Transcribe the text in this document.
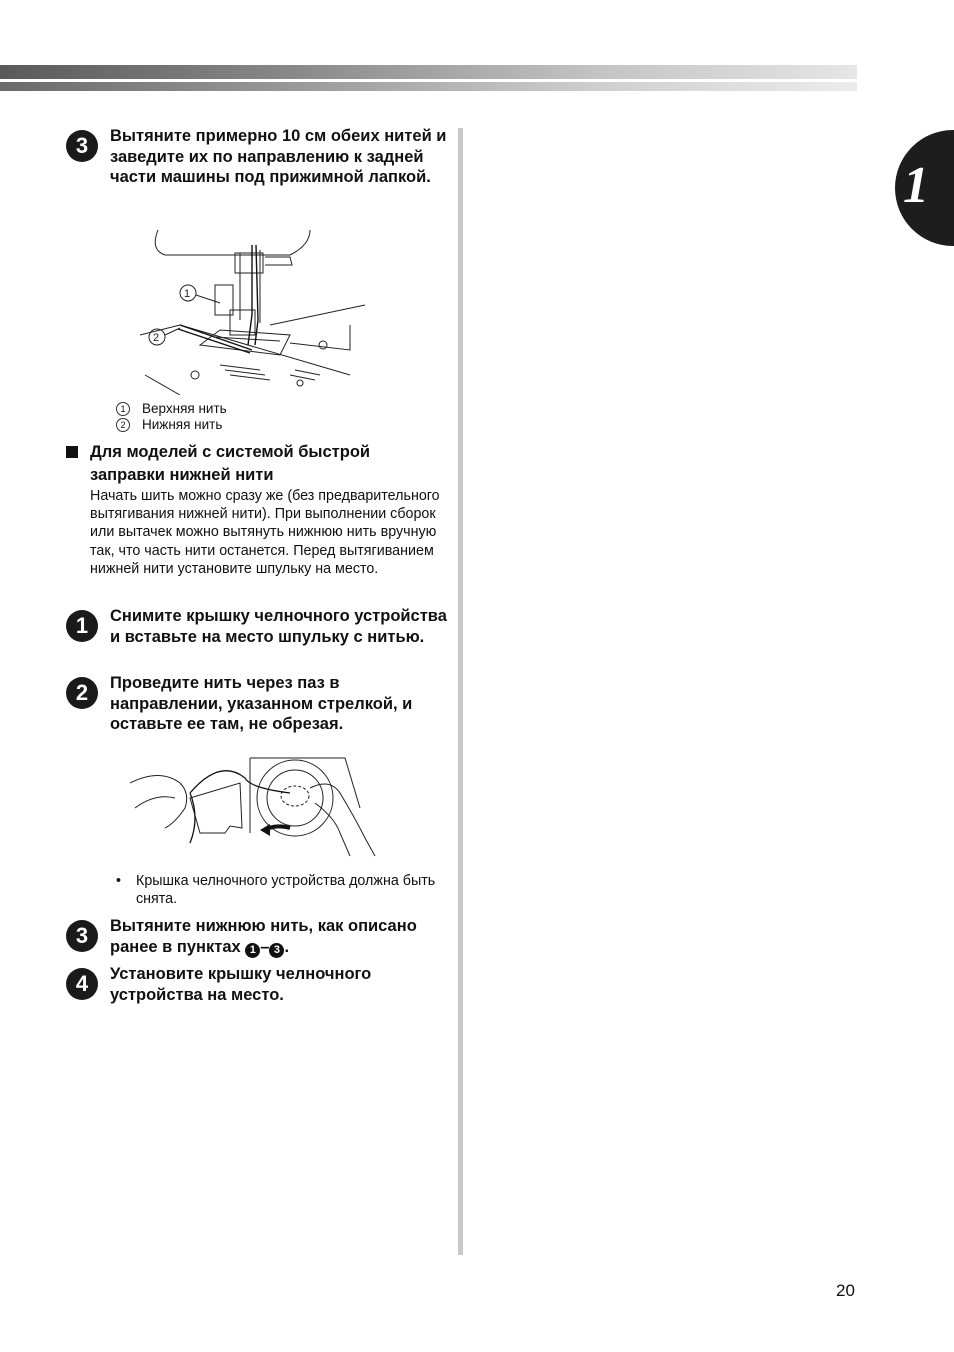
1
3	Вытяните примерно 10 см обеих нитей и заведите их по направлению к задней части машины под прижимной лапкой.
1
2
1 Верхняя нить
2 Нижняя нить
Для моделей с системой быстрой
заправки нижней нити
Начать шить можно сразу же (без предварительного вытягивания нижней нити). При выполнении сборок или вытачек можно вытянуть нижнюю нить вручную так, что часть нити останется. Перед вытягиванием нижней нити установите шпульку на место.
1	Снимите крышку челночного устройства и вставьте на место шпульку с нитью.
2	Проведите нить через паз в направлении, указанном стрелкой, и оставьте ее там, не обрезая.
• Крышка челночного устройства должна быть снята.
3	Вытяните нижнюю нить, как описано ранее в пунктах 1 – 3 .
4	Установите крышку челночного устройства на место.
20
